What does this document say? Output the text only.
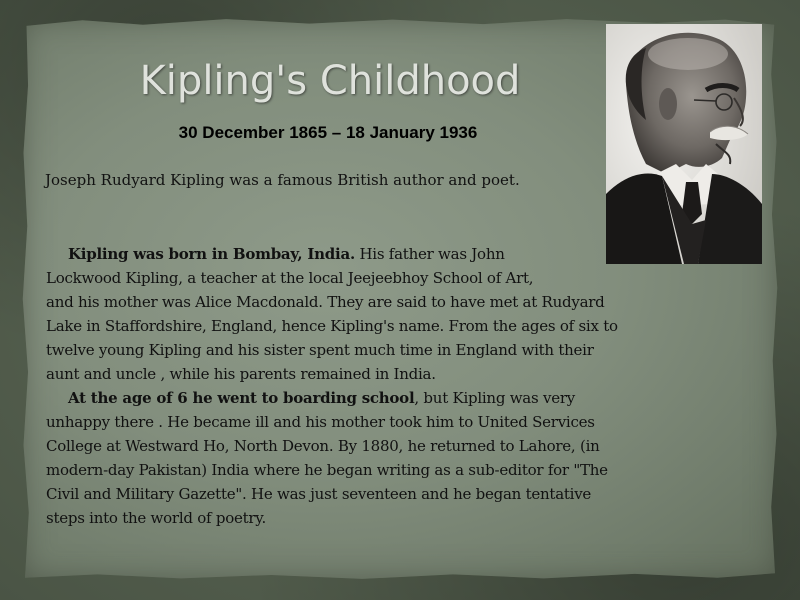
Kipling's Childhood

30 December 1865 – 18 January 1936

Joseph Rudyard Kipling was a famous British author and poet.

Kipling was born in Bombay, India. His father was John
Lockwood Kipling, a teacher at the local Jeejeebhoy School of Art,
and his mother was Alice Macdonald. They are said to have met at Rudyard
Lake in Staffordshire, England, hence Kipling's name. From the ages of six to
twelve young Kipling and his sister spent much time in England with their
aunt and uncle , while his parents remained in India.
At the age of 6 he went to boarding school, but Kipling was very
unhappy there . He became ill and his mother took him to United Services
College at Westward Ho, North Devon. By 1880, he returned to Lahore, (in
modern-day Pakistan) India where he began writing as a sub-editor for "The
Civil and Military Gazette". He was just seventeen and he began tentative
steps into the world of poetry.
